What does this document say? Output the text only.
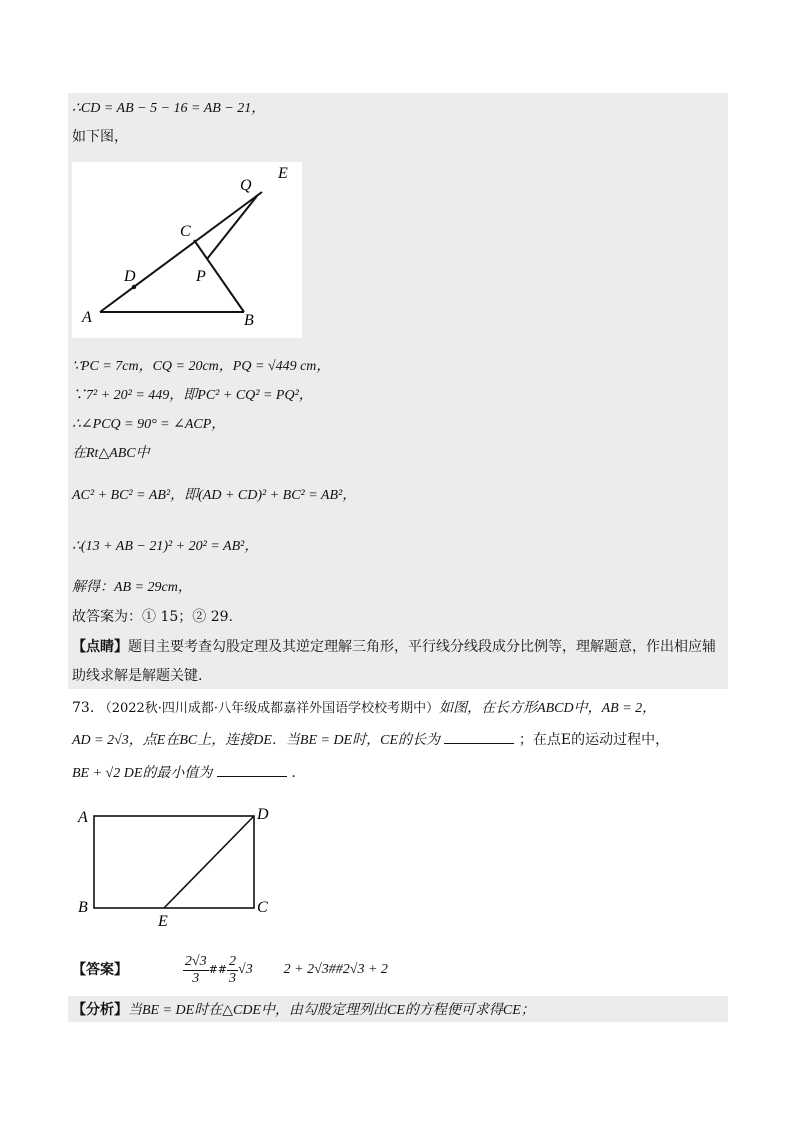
∴CD = AB − 5 − 16 = AB − 21，
如下图，
A	B
C
D	P
Q
E
∵PC = 7cm，CQ = 20cm，PQ = √449 cm，
∵7² + 20² = 449，即PC² + CQ² = PQ²，
∴∠PCQ = 90° = ∠ACP，
在Rt△ABC中
AC² + BC² = AB²，即(AD + CD)² + BC² = AB²，
∴(13 + AB − 21)² + 20² = AB²，
解得：AB = 29cm，
故答案为：① 15；② 29.
【点睛】题目主要考查勾股定理及其逆定理解三角形，平行线分线段成分比例等，理解题意，作出相应辅
助线求解是解题关键.
73. （2022秋·四川成都·八年级成都嘉祥外国语学校校考期中）如图，在长方形ABCD中，AB = 2，
AD = 2√3，点E在BC上，连接DE．当BE = DE时，CE的长为	；在点E的运动过程中，
BE + √2 DE的最小值为	.
A	D
B	C
E
【答案】	$\frac{2√3}{3}$ ## $\frac{2}{3} √3$ 2 + 2√3##2√3 + 2
【分析】当BE = DE时在△CDE中，由勾股定理列出CE的方程便可求得CE；
